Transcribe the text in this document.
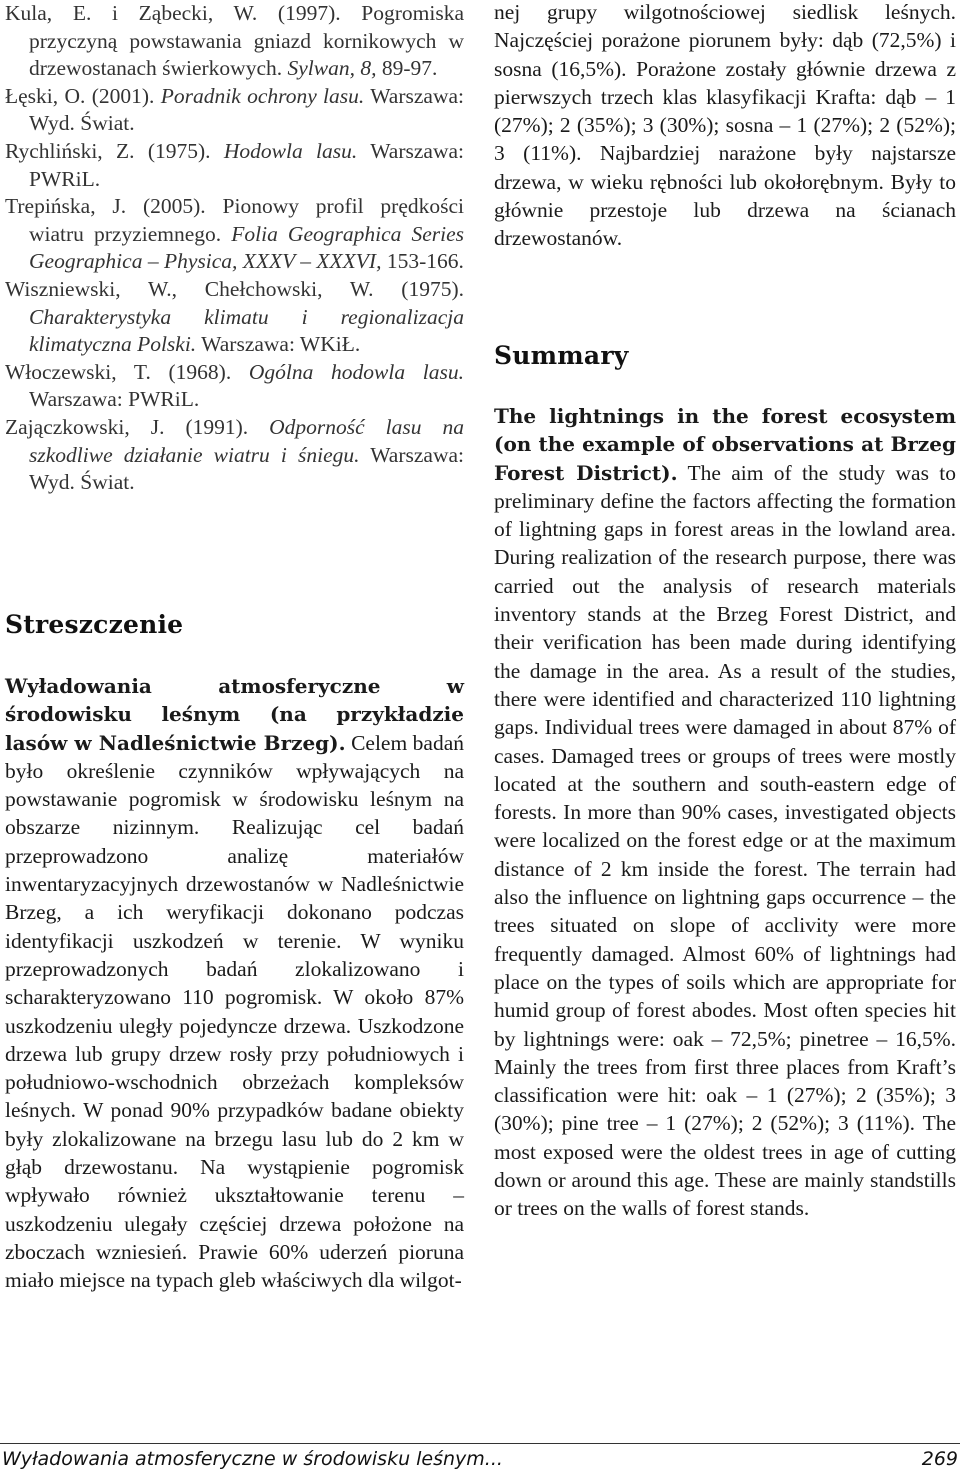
Kula, E. i Ząbecki, W. (1997). Pogromiska przyczyną powstawania gniazd kornikowych w drzewostanach świerkowych. Sylwan, 8, 89-97.

Łęski, O. (2001). Poradnik ochrony lasu. Warszawa: Wyd. Świat.

Rychliński, Z. (1975). Hodowla lasu. Warszawa: PWRiL.

Trepińska, J. (2005). Pionowy profil prędkości wiatru przyziemnego. Folia Geographica Series Geographica – Physica, XXXV – XXXVI, 153-166.

Wiszniewski, W., Chełchowski, W. (1975). Charakterystyka klimatu i regionalizacja klimatyczna Polski. Warszawa: WKiŁ.

Włoczewski, T. (1968). Ogólna hodowla lasu. Warszawa: PWRiL.

Zajączkowski, J. (1991). Odporność lasu na szkodliwe działanie wiatru i śniegu. Warszawa: Wyd. Świat.

Streszczenie

Wyładowania atmosferyczne w środowisku leśnym (na przykładzie lasów w Nadleśnictwie Brzeg). Celem badań było określenie czynników wpływających na powstawanie pogromisk w środowisku leśnym na obszarze nizinnym. Realizując cel badań przeprowadzono analizę materiałów inwentaryzacyjnych drzewostanów w Nadleśnictwie Brzeg, a ich weryfikacji dokonano podczas identyfikacji uszkodzeń w terenie. W wyniku przeprowadzonych badań zlokalizowano i scharakteryzowano 110 pogromisk. W około 87% uszkodzeniu uległy pojedyncze drzewa. Uszkodzone drzewa lub grupy drzew rosły przy południowych i południowo-wschodnich obrzeżach kompleksów leśnych. W ponad 90% przypadków badane obiekty były zlokalizowane na brzegu lasu lub do 2 km w głąb drzewostanu. Na wystąpienie pogromisk wpływało również ukształtowanie terenu – uszkodzeniu ulegały częściej drzewa położone na zboczach wzniesień. Prawie 60% uderzeń pioruna miało miejsce na typach gleb właściwych dla wilgot-

nej grupy wilgotnościowej siedlisk leśnych. Najczęściej porażone piorunem były: dąb (72,5%) i sosna (16,5%). Porażone zostały głównie drzewa z pierwszych trzech klas klasyfikacji Krafta: dąb – 1 (27%); 2 (35%); 3 (30%); sosna – 1 (27%); 2 (52%); 3 (11%). Najbardziej narażone były najstarsze drzewa, w wieku rębności lub okołorębnym. Były to głównie przestoje lub drzewa na ścianach drzewostanów.

Summary

The lightnings in the forest ecosystem (on the example of observations at Brzeg Forest District). The aim of the study was to preliminary define the factors affecting the formation of lightning gaps in forest areas in the lowland area. During realization of the research purpose, there was carried out the analysis of research materials inventory stands at the Brzeg Forest District, and their verification has been made during identifying the damage in the area. As a result of the studies, there were identified and characterized 110 lightning gaps. Individual trees were damaged in about 87% of cases. Damaged trees or groups of trees were mostly located at the southern and south-eastern edge of forests. In more than 90% cases, investigated objects were localized on the forest edge or at the maximum distance of 2 km inside the forest. The terrain had also the influence on lightning gaps occurrence – the trees situated on slope of acclivity were more frequently damaged. Almost 60% of lightnings had place on the types of soils which are appropriate for humid group of forest abodes. Most often species hit by lightnings were: oak – 72,5%; pinetree – 16,5%. Mainly the trees from first three places from Kraft’s classification were hit: oak – 1 (27%); 2 (35%); 3 (30%); pine tree – 1 (27%); 2 (52%); 3 (11%). The most exposed were the oldest trees in age of cutting down or around this age. These are mainly standstills or trees on the walls of forest stands.

Wyładowania atmosferyczne w środowisku leśnym...	269
